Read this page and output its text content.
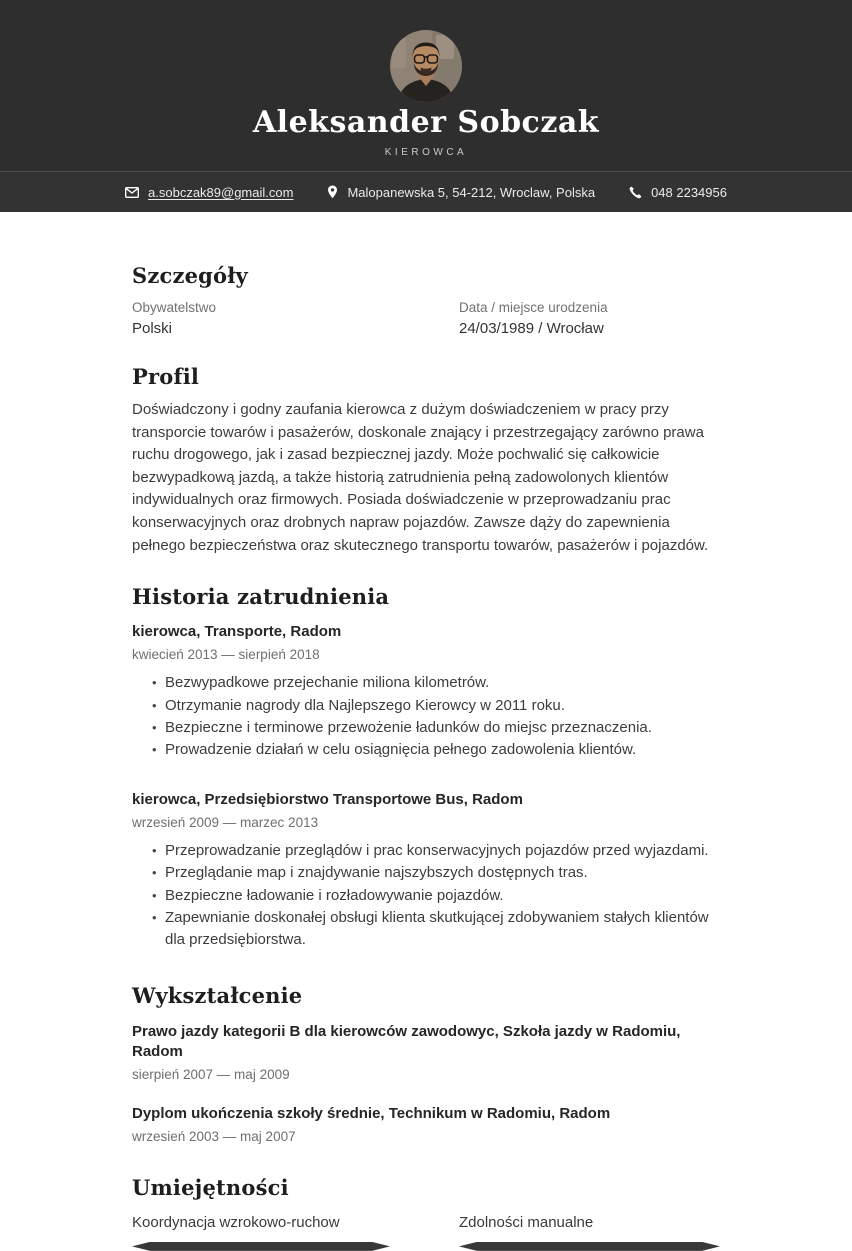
Aleksander Sobczak
KIEROWCA
a.sobczak89@gmail.com	Malopanewska 5, 54-212, Wroclaw, Polska	048 2234956
Szczegóły
Obywatelstwo
Polski
Data / miejsce urodzenia
24/03/1989 / Wrocław
Profil

Doświadczony i godny zaufania kierowca z dużym doświadczeniem w pracy przy transporcie towarów i pasażerów, doskonale znający i przestrzegający zarówno prawa ruchu drogowego, jak i zasad bezpiecznej jazdy. Może pochwalić się całkowicie bezwypadkową jazdą, a także historią zatrudnienia pełną zadowolonych klientów indywidualnych oraz firmowych. Posiada doświadczenie w przeprowadzaniu prac konserwacyjnych oraz drobnych napraw pojazdów. Zawsze dąży do zapewnienia pełnego bezpieczeństwa oraz skutecznego transportu towarów, pasażerów i pojazdów.

Historia zatrudnienia
kierowca, Transporte, Radom
kwiecień 2013 — sierpień 2018
• Bezwypadkowe przejechanie miliona kilometrów.
• Otrzymanie nagrody dla Najlepszego Kierowcy w 2011 roku.
• Bezpieczne i terminowe przewożenie ładunków do miejsc przeznaczenia.
• Prowadzenie działań w celu osiągnięcia pełnego zadowolenia klientów.
kierowca, Przedsiębiorstwo Transportowe Bus, Radom
wrzesień 2009 — marzec 2013
• Przeprowadzanie przeglądów i prac konserwacyjnych pojazdów przed wyjazdami.
• Przeglądanie map i znajdywanie najszybszych dostępnych tras.
• Bezpieczne ładowanie i rozładowywanie pojazdów.
• Zapewnianie doskonałej obsługi klienta skutkującej zdobywaniem stałych klientów dla przedsiębiorstwa.
Wykształcenie
Prawo jazdy kategorii B dla kierowców zawodowyc, Szkoła jazdy w Radomiu, Radom
sierpień 2007 — maj 2009
Dyplom ukończenia szkoły średnie, Technikum w Radomiu, Radom
wrzesień 2003 — maj 2007
Umiejętności
Koordynacja wzrokowo-ruchow	Zdolności manualne
